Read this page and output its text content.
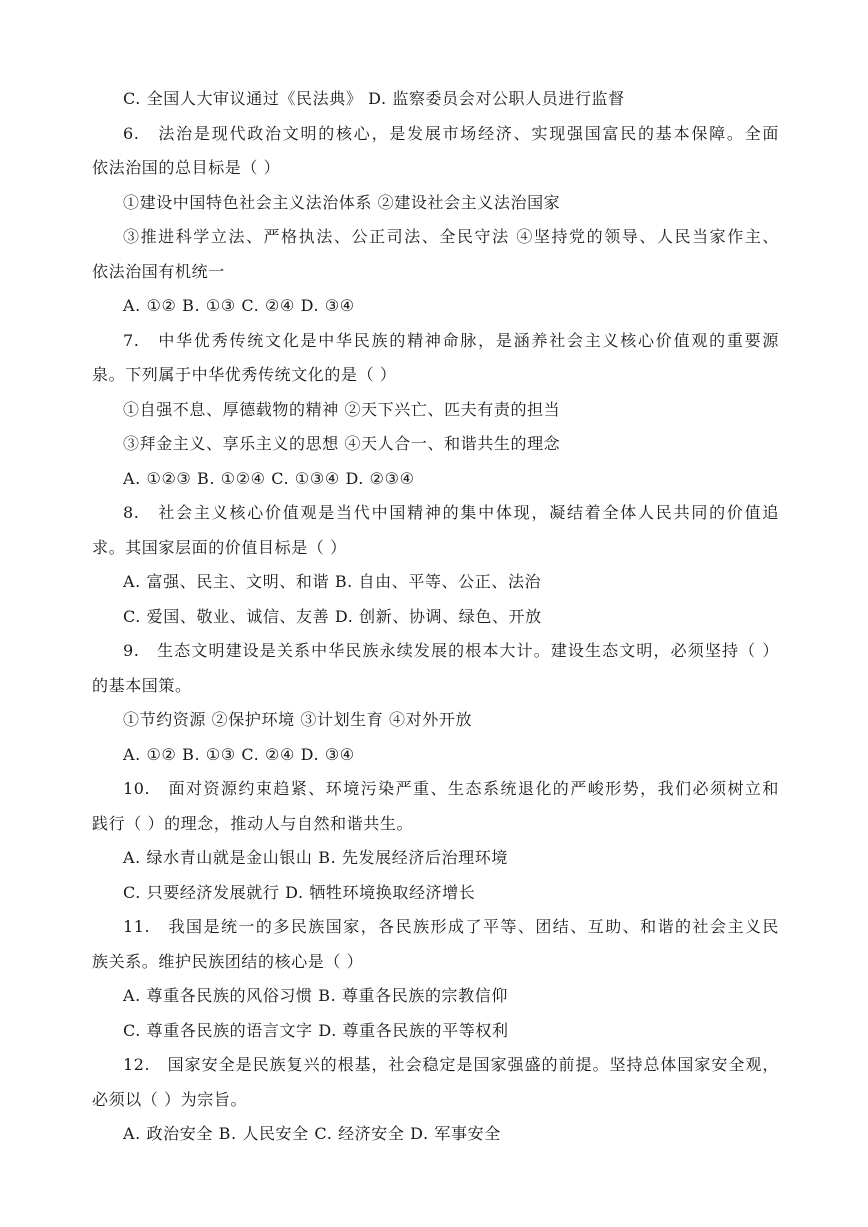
C. 全国人大审议通过《民法典》 D. 监察委员会对公职人员进行监督
6.　法治是现代政治文明的核心，是发展市场经济、实现强国富民的基本保障。全面
依法治国的总目标是（ ）
①建设中国特色社会主义法治体系 ②建设社会主义法治国家
③推进科学立法、严格执法、公正司法、全民守法 ④坚持党的领导、人民当家作主、
依法治国有机统一
A. ①② B. ①③ C. ②④ D. ③④
7.　中华优秀传统文化是中华民族的精神命脉，是涵养社会主义核心价值观的重要源
泉。下列属于中华优秀传统文化的是（ ）
①自强不息、厚德载物的精神 ②天下兴亡、匹夫有责的担当
③拜金主义、享乐主义的思想 ④天人合一、和谐共生的理念
A. ①②③ B. ①②④ C. ①③④ D. ②③④
8.　社会主义核心价值观是当代中国精神的集中体现，凝结着全体人民共同的价值追
求。其国家层面的价值目标是（ ）
A. 富强、民主、文明、和谐 B. 自由、平等、公正、法治
C. 爱国、敬业、诚信、友善 D. 创新、协调、绿色、开放
9.　生态文明建设是关系中华民族永续发展的根本大计。建设生态文明，必须坚持（ ）
的基本国策。
①节约资源 ②保护环境 ③计划生育 ④对外开放
A. ①② B. ①③ C. ②④ D. ③④
10.　面对资源约束趋紧、环境污染严重、生态系统退化的严峻形势，我们必须树立和
践行（ ）的理念，推动人与自然和谐共生。
A. 绿水青山就是金山银山 B. 先发展经济后治理环境
C. 只要经济发展就行 D. 牺牲环境换取经济增长
11.　我国是统一的多民族国家，各民族形成了平等、团结、互助、和谐的社会主义民
族关系。维护民族团结的核心是（ ）
A. 尊重各民族的风俗习惯 B. 尊重各民族的宗教信仰
C. 尊重各民族的语言文字 D. 尊重各民族的平等权利
12.　国家安全是民族复兴的根基，社会稳定是国家强盛的前提。坚持总体国家安全观，
必须以（ ）为宗旨。
A. 政治安全 B. 人民安全 C. 经济安全 D. 军事安全
